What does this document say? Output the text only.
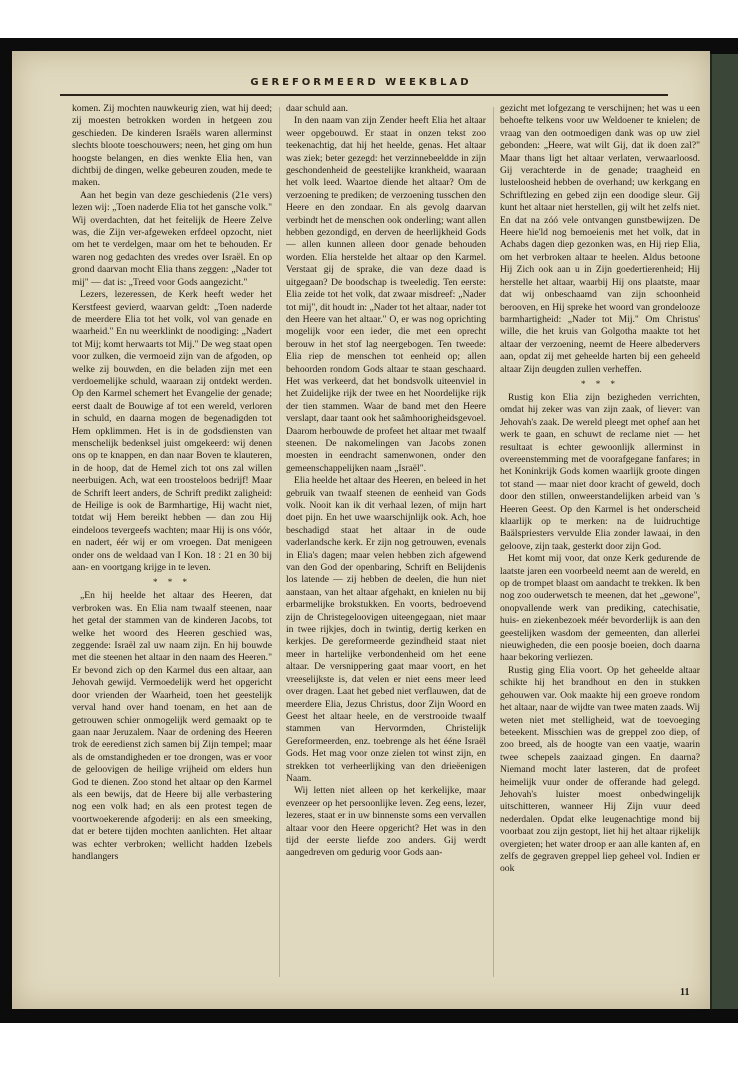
GEREFORMEERD WEEKBLAD

komen. Zij mochten nauwkeurig zien, wat hij deed; zij moesten betrokken worden in hetgeen zou geschieden. De kinderen Israëls waren allerminst slechts bloote toeschouwers; neen, het ging om hun hoogste belangen, en dies wenkte Elia hen, van dichtbij de dingen, welke gebeuren zouden, mede te maken.

Aan het begin van deze geschiedenis (21e vers) lezen wij: „Toen naderde Elia tot het gansche volk." Wij overdachten, dat het feitelijk de Heere Zelve was, die Zijn ver-afgeweken erfdeel opzocht, niet om het te verdelgen, maar om het te behouden. Er waren nog gedachten des vredes over Israël. En op grond daarvan mocht Elia thans zeggen: „Nader tot mij" — dat is: „Treed voor Gods aangezicht."

Lezers, lezeressen, de Kerk heeft weder het Kerstfeest gevierd, waarvan geldt: „Toen naderde de meerdere Elia tot het volk, vol van genade en waarheid." En nu weerklinkt de noodiging: „Nadert tot Mij; komt herwaarts tot Mij." De weg staat open voor zulken, die vermoeid zijn van de afgoden, op welke zij bouwden, en die beladen zijn met een verdoemelijke schuld, waaraan zij ontdekt werden. Op den Karmel schemert het Evangelie der genade; eerst daalt de Bouwige af tot een wereld, verloren in schuld, en daarna mogen de begenadigden tot Hem opklimmen. Het is in de godsdiensten van menschelijk bedenksel juist omgekeerd: wij denen ons op te knappen, en dan naar Boven te klauteren, in de hoop, dat de Hemel zich tot ons zal willen neerbuigen. Ach, wat een troosteloos bedrijf! Maar de Schrift leert anders, de Schrift predikt zaligheid: de Heilige is ook de Barmhartige, Hij wacht niet, totdat wij Hem bereikt hebben — dan zou Hij eindeloos tevergeefs wachten; maar Hij is ons vóór, en nadert, éér wij er om vroegen. Dat menigeen onder ons de weldaad van I Kon. 18 : 21 en 30 bij aan- en voortgang krijge in te leven.

* * *

„En hij heelde het altaar des Heeren, dat verbroken was. En Elia nam twaalf steenen, naar het getal der stammen van de kinderen Jacobs, tot welke het woord des Heeren geschied was, zeggende: Israël zal uw naam zijn. En hij bouwde met die steenen het altaar in den naam des Heeren." Er bevond zich op den Karmel dus een altaar, aan Jehovah gewijd. Vermoedelijk werd het opgericht door vrienden der Waarheid, toen het geestelijk verval hand over hand toenam, en het aan de getrouwen schier onmogelijk werd gemaakt op te gaan naar Jeruzalem. Naar de ordening des Heeren trok de eeredienst zich samen bij Zijn tempel; maar als de omstandigheden er toe drongen, was er voor de geloovigen de heilige vrijheid om elders hun God te dienen. Zoo stond het altaar op den Karmel als een bewijs, dat de Heere bij alle verbastering nog een volk had; en als een protest tegen de voortwoekerende afgoderij: en als een smeeking, dat er betere tijden mochten aanlichten. Het altaar was echter verbroken; wellicht hadden Izebels handlangers

daar schuld aan.

In den naam van zijn Zender heeft Elia het altaar weer opgebouwd. Er staat in onzen tekst zoo teekenachtig, dat hij het heelde, genas. Het altaar was ziek; beter gezegd: het verzinnebeeldde in zijn geschondenheid de geestelijke krankheid, waaraan het volk leed. Waartoe diende het altaar? Om de verzoening te prediken; de verzoening tusschen den Heere en den zondaar. En als gevolg daarvan verbindt het de menschen ook onderling; want allen hebben gezondigd, en derven de heerlijkheid Gods — allen kunnen alleen door genade behouden worden. Elia herstelde het altaar op den Karmel. Verstaat gij de sprake, die van deze daad is uitgegaan? De boodschap is tweeledig. Ten eerste: Elia zeide tot het volk, dat zwaar misdreef: „Nader tot mij", dit houdt in: „Nader tot het altaar, nader tot den Heere van het altaar." O, er was nog oprichting mogelijk voor een ieder, die met een oprecht berouw in het stof lag neergebogen. Ten tweede: Elia riep de menschen tot eenheid op; allen behoorden rondom Gods altaar te staan geschaard. Het was verkeerd, dat het bondsvolk uiteenviel in het Zuidelijke rijk der twee en het Noordelijke rijk der tien stammen. Waar de band met den Heere verslapt, daar taant ook het saâmhoorigheidsgevoel. Daarom herbouwde de profeet het altaar met twaalf steenen. De nakomelingen van Jacobs zonen moesten in eendracht samenwonen, onder den gemeenschappelijken naam „Israël".

Elia heelde het altaar des Heeren, en beleed in het gebruik van twaalf steenen de eenheid van Gods volk. Nooit kan ik dit verhaal lezen, of mijn hart doet pijn. En het uwe waarschijnlijk ook. Ach, hoe beschadigd staat het altaar in de oude vaderlandsche kerk. Er zijn nog getrouwen, evenals in Elia's dagen; maar velen hebben zich afgewend van den God der openbaring, Schrift en Belijdenis los latende — zij hebben de deelen, die hun niet aanstaan, van het altaar afgehakt, en knielen nu bij erbarmelijke brokstukken. En voorts, bedroevend zijn de Christegeloovigen uiteengegaan, niet maar in twee rijkjes, doch in twintig, dertig kerken en kerkjes. De gereformeerde gezindheid staat niet meer in hartelijke verbondenheid om het eene altaar. De versnippering gaat maar voort, en het vreeselijkste is, dat velen er niet eens meer leed over dragen. Laat het gebed niet verflauwen, dat de meerdere Elia, Jezus Christus, door Zijn Woord en Geest het altaar heele, en de verstrooide twaalf stammen van Hervormden, Christelijk Gereformeerden, enz. toebrenge als het ééne Israël Gods. Het mag voor onze zielen tot winst zijn, en strekken tot verheerlijking van den drieëenigen Naam.

Wij letten niet alleen op het kerkelijke, maar evenzeer op het persoonlijke leven. Zeg eens, lezer, lezeres, staat er in uw binnenste soms een vervallen altaar voor den Heere opgericht? Het was in den tijd der eerste liefde zoo anders. Gij werdt aangedreven om gedurig voor Gods aan-

gezicht met lofgezang te verschijnen; het was u een behoefte telkens voor uw Weldoener te knielen; de vraag van den ootmoedigen dank was op uw ziel gebonden: „Heere, wat wilt Gij, dat ik doen zal?" Maar thans ligt het altaar verlaten, verwaarloosd. Gij verachterde in de genade; traagheid en lusteloosheid hebben de overhand; uw kerkgang en Schriftlezing en gebed zijn een doodige sleur. Gij kunt het altaar niet herstellen, gij wilt het zelfs niet. En dat na zóó vele ontvangen gunstbewijzen. De Heere hie'ld nog bemoeienis met het volk, dat in Achabs dagen diep gezonken was, en Hij riep Elia, om het verbroken altaar te heelen. Aldus betoone Hij Zich ook aan u in Zijn goedertierenheid; Hij herstelle het altaar, waarbij Hij ons plaatste, maar dat wij onbeschaamd van zijn schoonheid berooven, en Hij spreke het woord van grondelooze barmhartigheid: „Nader tot Mij." Om Christus' wille, die het kruis van Golgotha maakte tot het altaar der verzoening, neemt de Heere albedervers aan, opdat zij met geheelde harten bij een geheeld altaar Zijn deugden zullen verheffen.

* * *

Rustig kon Elia zijn bezigheden verrichten, omdat hij zeker was van zijn zaak, of liever: van Jehovah's zaak. De wereld pleegt met ophef aan het werk te gaan, en schuwt de reclame niet — het resultaat is echter gewoonlijk allerminst in overeenstemming met de voorafgegane fanfares; in het Koninkrijk Gods komen waarlijk groote dingen tot stand — maar niet door kracht of geweld, doch door den stillen, onweerstandelijken arbeid van 's Heeren Geest. Op den Karmel is het onderscheid klaarlijk op te merken: na de luidruchtige Baälspriesters vervulde Elia zonder lawaai, in den geloove, zijn taak, gesterkt door zijn God.

Het komt mij voor, dat onze Kerk gedurende de laatste jaren een voorbeeld neemt aan de wereld, en op de trompet blaast om aandacht te trekken. Ik ben nog zoo ouderwetsch te meenen, dat het „gewone", onopvallende werk van prediking, catechisatie, huis- en ziekenbezoek méér bevorderlijk is aan den geestelijken wasdom der gemeenten, dan allerlei nieuwigheden, die een poosje boeien, doch daarna haar bekoring verliezen.

Rustig ging Elia voort. Op het geheelde altaar schikte hij het brandhout en den in stukken gehouwen var. Ook maakte hij een groeve rondom het altaar, naar de wijdte van twee maten zaads. Wij weten niet met stelligheid, wat de toevoeging beteekent. Misschien was de greppel zoo diep, of zoo breed, als de hoogte van een vaatje, waarin twee schepels zaaizaad gingen. En daarna? Niemand mocht later lasteren, dat de profeet heimelijk vuur onder de offerande had gelegd. Jehovah's luister moest onbedwingelijk uitschitteren, wanneer Hij Zijn vuur deed nederdalen. Opdat elke leugenachtige mond bij voorbaat zou zijn gestopt, liet hij het altaar rijkelijk overgieten; het water droop er aan alle kanten af, en zelfs de gegraven greppel liep geheel vol. Indien er ook

11
